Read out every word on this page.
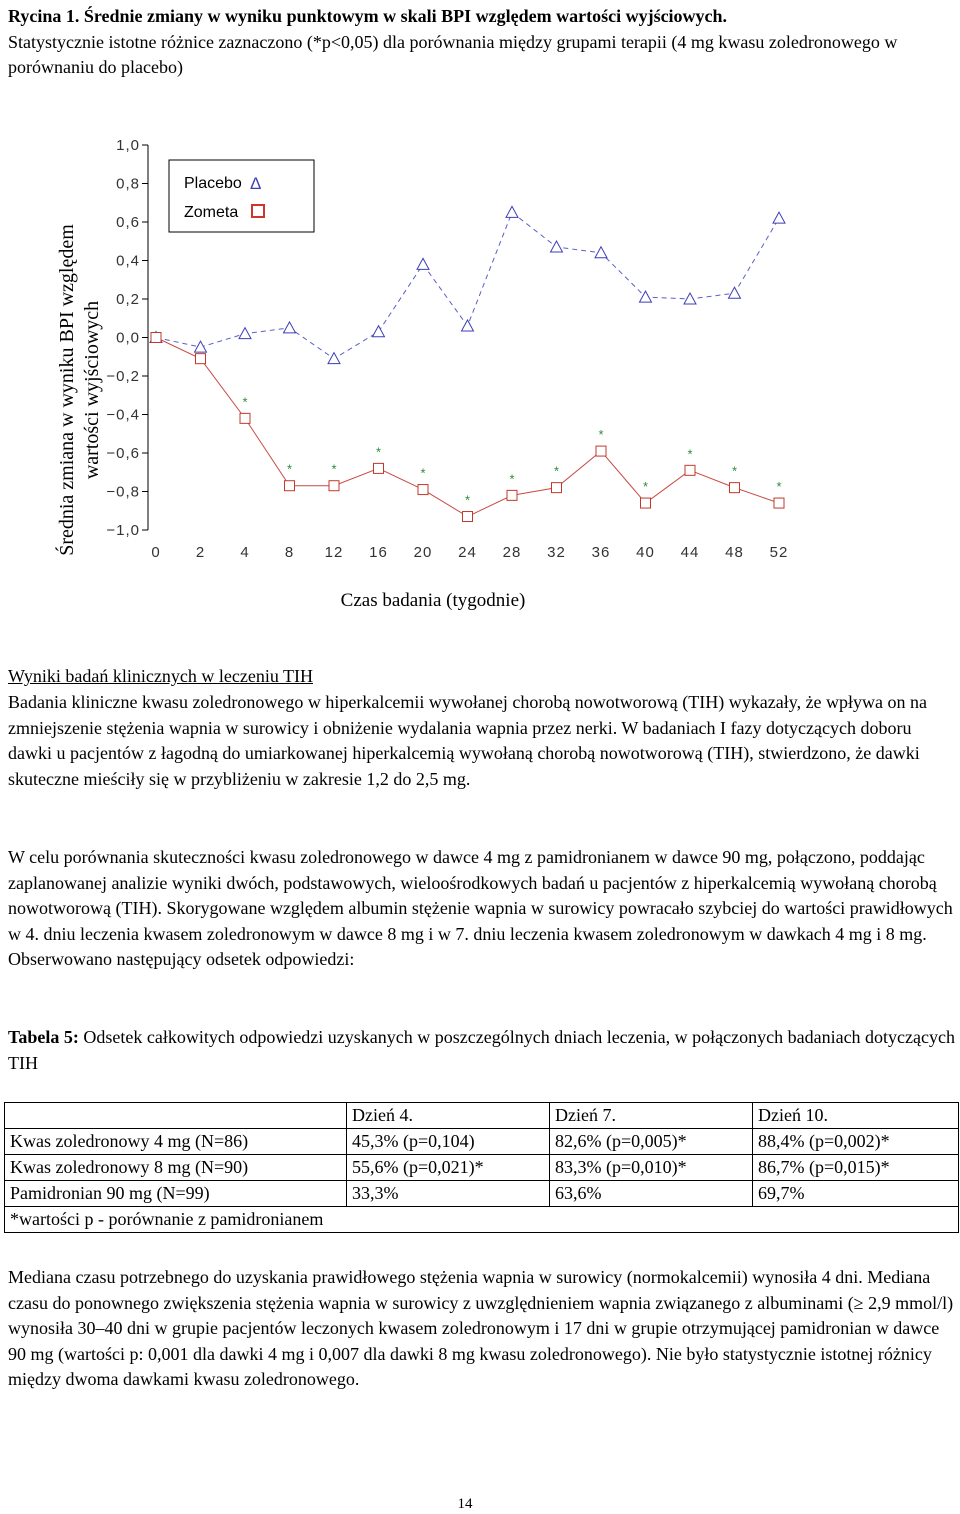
Rycina 1. Średnie zmiany w wyniku punktowym w skali BPI względem wartości wyjściowych.
Statystycznie istotne różnice zaznaczono (*p<0,05) dla porównania między grupami terapii (4 mg kwasu zoledronowego w porównaniu do placebo)

Średnia zmiana w wyniku BPI względem wartości wyjściowych
1,0
0,8
0,6
0,4
0,2
0,0
−0,2
−0,4
−0,6
−0,8
−1,0
0 2 4 8 12 16 20 24 28 32 36 40 44 48 52
*
*	*
*
*
*
*
*
*
*
*
*
*
Placebo Δ
Zometa
Czas badania (tygodnie)

Wyniki badań klinicznych w leczeniu TIH

Badania kliniczne kwasu zoledronowego w hiperkalcemii wywołanej chorobą nowotworową (TIH) wykazały, że wpływa on na zmniejszenie stężenia wapnia w surowicy i obniżenie wydalania wapnia przez nerki. W badaniach I fazy dotyczących doboru dawki u pacjentów z łagodną do umiarkowanej hiperkalcemią wywołaną chorobą nowotworową (TIH), stwierdzono, że dawki skuteczne mieściły się w przybliżeniu w zakresie 1,2 do 2,5 mg.

W celu porównania skuteczności kwasu zoledronowego w dawce 4 mg z pamidronianem w dawce 90 mg, połączono, poddając zaplanowanej analizie wyniki dwóch, podstawowych, wieloośrodkowych badań u pacjentów z hiperkalcemią wywołaną chorobą nowotworową (TIH). Skorygowane względem albumin stężenie wapnia w surowicy powracało szybciej do wartości prawidłowych w 4. dniu leczenia kwasem zoledronowym w dawce 8 mg i w 7. dniu leczenia kwasem zoledronowym w dawkach 4 mg i 8 mg. Obserwowano następujący odsetek odpowiedzi:

Tabela 5: Odsetek całkowitych odpowiedzi uzyskanych w poszczególnych dniach leczenia, w połączonych badaniach dotyczących TIH

	Dzień 4.	Dzień 7.	Dzień 10.
Kwas zoledronowy 4 mg (N=86)	45,3% (p=0,104)	82,6% (p=0,005)*	88,4% (p=0,002)*
Kwas zoledronowy 8 mg (N=90)	55,6% (p=0,021)*	83,3% (p=0,010)*	86,7% (p=0,015)*
Pamidronian 90 mg (N=99)	33,3%	63,6%	69,7%
*wartości p - porównanie z pamidronianem			

Mediana czasu potrzebnego do uzyskania prawidłowego stężenia wapnia w surowicy (normokalcemii) wynosiła 4 dni. Mediana czasu do ponownego zwiększenia stężenia wapnia w surowicy z uwzględnieniem wapnia związanego z albuminami (≥ 2,9 mmol/l) wynosiła 30–40 dni w grupie pacjentów leczonych kwasem zoledronowym i 17 dni w grupie otrzymującej pamidronian w dawce 90 mg (wartości p: 0,001 dla dawki 4 mg i 0,007 dla dawki 8 mg kwasu zoledronowego). Nie było statystycznie istotnej różnicy między dwoma dawkami kwasu zoledronowego.

14
